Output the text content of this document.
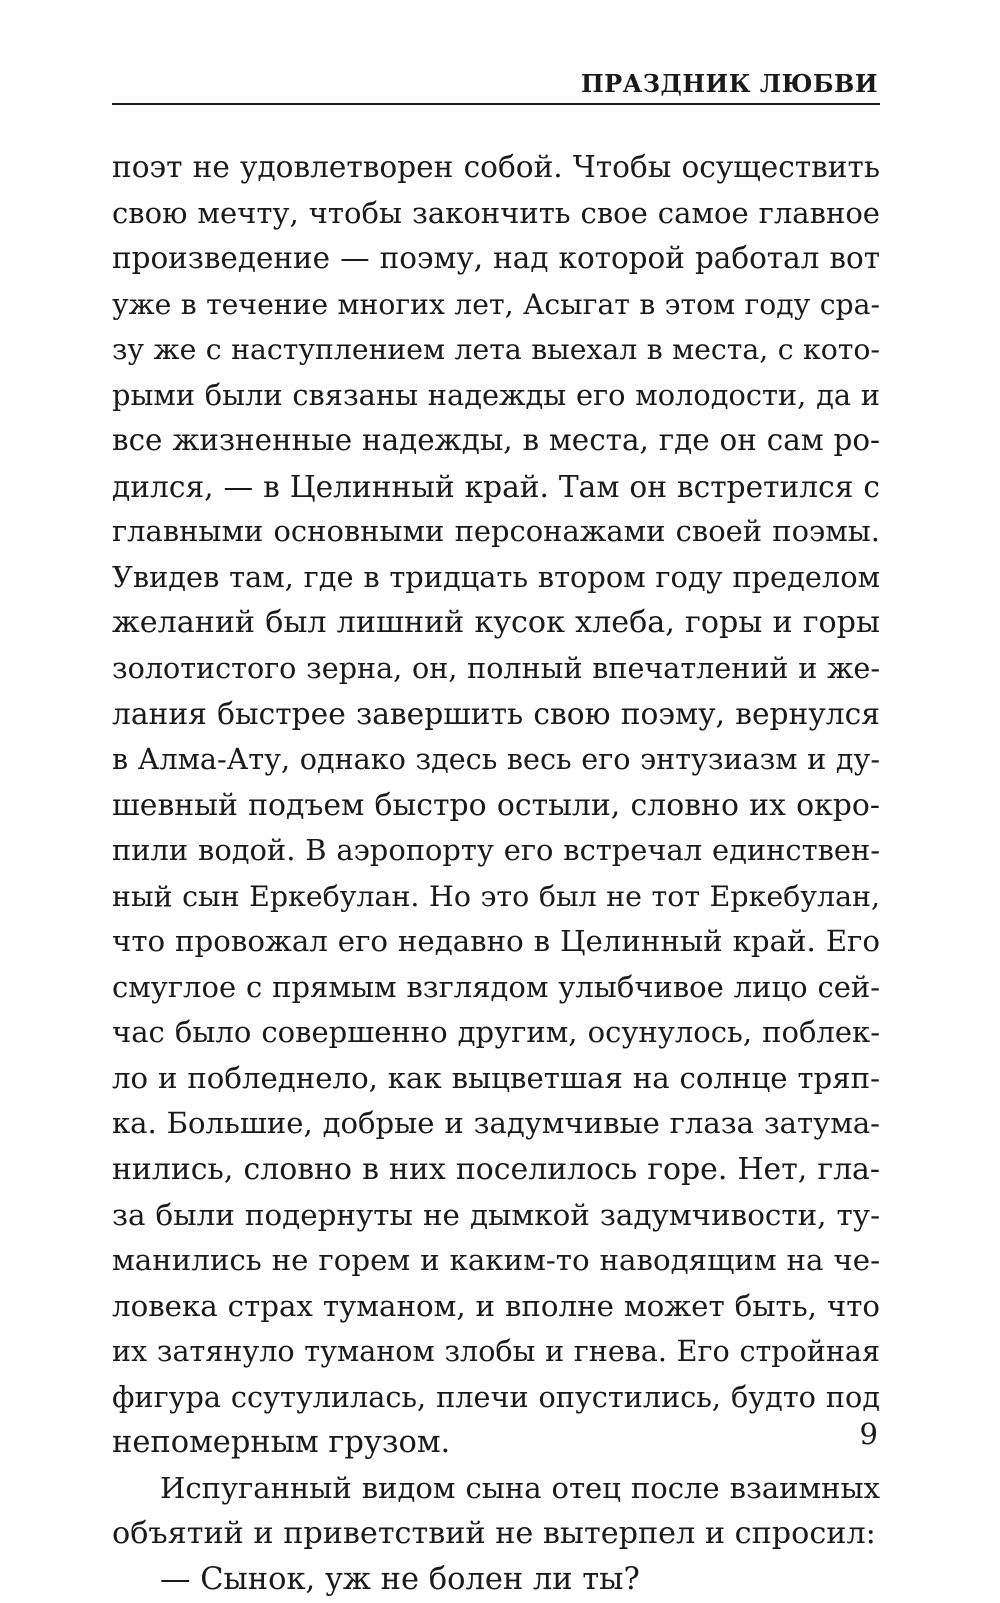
ПРАЗДНИК ЛЮБВИ
поэт не удовлетворен собой. Чтобы осуществить
свою мечту, чтобы закончить свое самое главное
произведение — поэму, над которой работал вот
уже в течение многих лет, Асыгат в этом году сра-
зу же с наступлением лета выехал в места, с кото-
рыми были связаны надежды его молодости, да и
все жизненные надежды, в места, где он сам ро-
дился, — в Целинный край. Там он встретился с
главными основными персонажами своей поэмы.
Увидев там, где в тридцать втором году пределом
желаний был лишний кусок хлеба, горы и горы
золотистого зерна, он, полный впечатлений и же-
лания быстрее завершить свою поэму, вернулся
в Алма-Ату, однако здесь весь его энтузиазм и ду-
шевный подъем быстро остыли, словно их окро-
пили водой. В аэропорту его встречал единствен-
ный сын Еркебулан. Но это был не тот Еркебулан,
что провожал его недавно в Целинный край. Его
смуглое с прямым взглядом улыбчивое лицо сей-
час было совершенно другим, осунулось, поблек-
ло и побледнело, как выцветшая на солнце тряп-
ка. Большие, добрые и задумчивые глаза затума-
нились, словно в них поселилось горе. Нет, гла-
за были подернуты не дымкой задумчивости, ту-
манились не горем и каким-то наводящим на че-
ловека страх туманом, и вполне может быть, что
их затянуло туманом злобы и гнева. Его стройная
фигура ссутулилась, плечи опустились, будто под
непомерным грузом.
Испуганный видом сына отец после взаимных
объятий и приветствий не вытерпел и спросил:
— Сынок, уж не болен ли ты?
9
